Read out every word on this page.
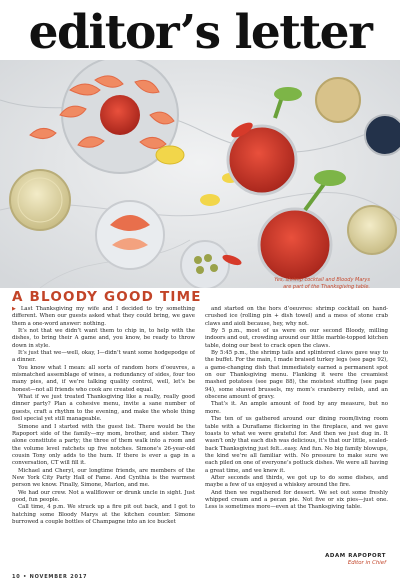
editor’s letter
Yes, shrimp cocktail and Bloody Marys
are part of the Thanksgiving table.
A BLOODY GOOD TIME

▶ Last Thanksgiving my wife and I decided to try something different. When our guests asked what they could bring, we gave them a one-word answer: nothing.

It’s not that we didn’t want them to chip in, to help with the dishes, to bring their A game and, you know, be ready to throw down in style.

It’s just that we—well, okay, I—didn’t want some hodgepodge of a dinner.

You know what I mean: all sorts of random hors d’oeuvres, a mismatched assemblage of wines, a redundancy of sides, four too many pies, and, if we’re talking quality control, well, let’s be honest—not all friends who cook are created equal.

What if we just treated Thanksgiving like a really, really good dinner party? Plan a cohesive menu, invite a sane number of guests, craft a rhythm to the evening, and make the whole thing feel special yet still manageable.

Simone and I started with the guest list. There would be the Rapoport side of the family—my mom, brother, and sister. They alone constitute a party; the three of them walk into a room and the volume level ratchets up five notches. Simone’s 26-year-old cousin Tony only adds to the hum. If there is ever a gap in a conversation, CT will fill it.

Michael and Cheryl, our longtime friends, are members of the New York City Party Hall of Fame. And Cynthia is the warmest person we know. Finally, Simone, Marlon, and me.

We had our crew. Not a wallflower or drunk uncle in sight. Just good, fun people.

Call time, 4 p.m. We struck up a fire pit out back, and I got to hatching some Bloody Marys at the kitchen counter. Simone burrowed a couple bottles of Champagne into an ice bucket

and started on the hors d’oeuvres: shrimp cocktail on hand-crushed ice (rolling pin + dish towel) and a mess of stone crab claws and aioli because, hey, why not.

By 5 p.m., most of us were on our second Bloody, milling indoors and out, crowding around our little marble-topped kitchen table, doing our best to crack open the claws.

By 5:45 p.m., the shrimp tails and splintered claws gave way to the buffet. For the main, I made braised turkey legs (see page 92), a game-changing dish that immediately earned a permanent spot on our Thanksgiving menu. Flanking it were the creamiest mashed potatoes (see page 88), the moistest stuffing (see page 94), some shaved brussels, my mom’s cranberry relish, and an obscene amount of gravy.

That’s it. An ample amount of food by any measure, but no more.

The ten of us gathered around our dining room/living room table with a Duraflame flickering in the fireplace, and we gave toasts to what we were grateful for. And then we just dug in. It wasn’t only that each dish was delicious, it’s that our little, scaled-back Thanksgiving just felt...easy. And fun. No big family blowups, the kind we’re all familiar with. No pressure to make sure we each piled on one of everyone’s potluck dishes. We were all having a great time, and we knew it.

After seconds and thirds, we got up to do some dishes, and maybe a few of us enjoyed a whiskey around the fire.

And then we regathered for dessert. We set out some freshly whipped cream and a pecan pie. Not five or six pies—just one. Less is sometimes more—even at the Thanksgiving table.

ADAM RAPOPORT
Editor in Chief
10 • NOVEMBER 2017
